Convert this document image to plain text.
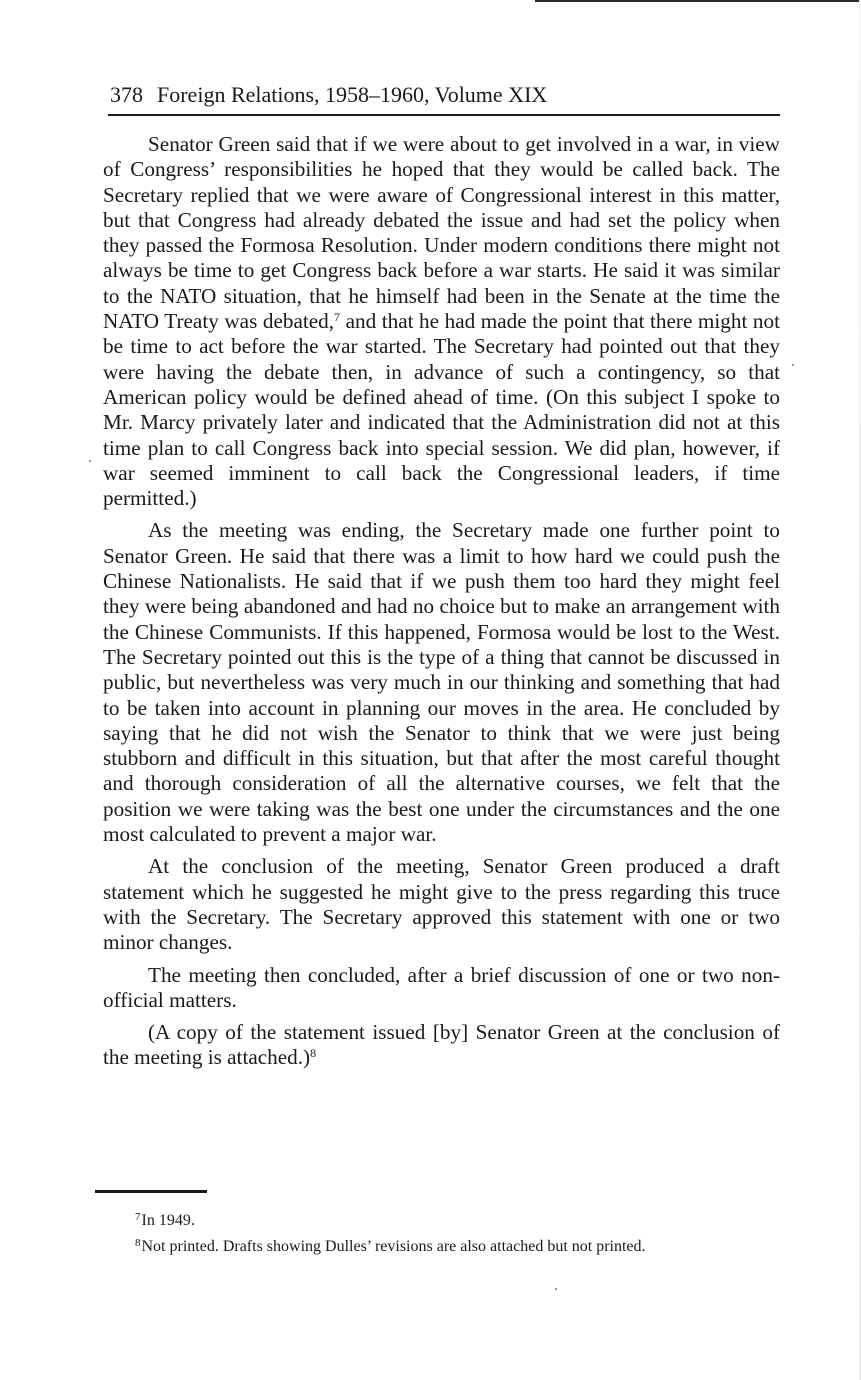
378 Foreign Relations, 1958–1960, Volume XIX

Senator Green said that if we were about to get involved in a war, in view of Congress’ responsibilities he hoped that they would be called back. The Secretary replied that we were aware of Congressional interest in this matter, but that Congress had already debated the issue and had set the policy when they passed the Formosa Resolution. Under modern conditions there might not always be time to get Congress back before a war starts. He said it was similar to the NATO situation, that he himself had been in the Senate at the time the NATO Treaty was debated,$^7$ and that he had made the point that there might not be time to act before the war started. The Secretary had pointed out that they were having the debate then, in advance of such a contingency, so that American policy would be defined ahead of time. (On this subject I spoke to Mr. Marcy privately later and indicated that the Administration did not at this time plan to call Congress back into special session. We did plan, however, if war seemed imminent to call back the Congressional leaders, if time permitted.)

As the meeting was ending, the Secretary made one further point to Senator Green. He said that there was a limit to how hard we could push the Chinese Nationalists. He said that if we push them too hard they might feel they were being abandoned and had no choice but to make an arrangement with the Chinese Communists. If this happened, Formosa would be lost to the West. The Secretary pointed out this is the type of a thing that cannot be discussed in public, but nevertheless was very much in our thinking and something that had to be taken into account in planning our moves in the area. He concluded by saying that he did not wish the Senator to think that we were just being stubborn and difficult in this situation, but that after the most careful thought and thorough consideration of all the alternative courses, we felt that the position we were taking was the best one under the circumstances and the one most calculated to prevent a major war.

At the conclusion of the meeting, Senator Green produced a draft statement which he suggested he might give to the press regarding this truce with the Secretary. The Secretary approved this statement with one or two minor changes.

The meeting then concluded, after a brief discussion of one or two non-official matters.

(A copy of the statement issued [by] Senator Green at the conclusion of the meeting is attached.)$^8$

$^7$In 1949.

$^8$Not printed. Drafts showing Dulles’ revisions are also attached but not printed.
